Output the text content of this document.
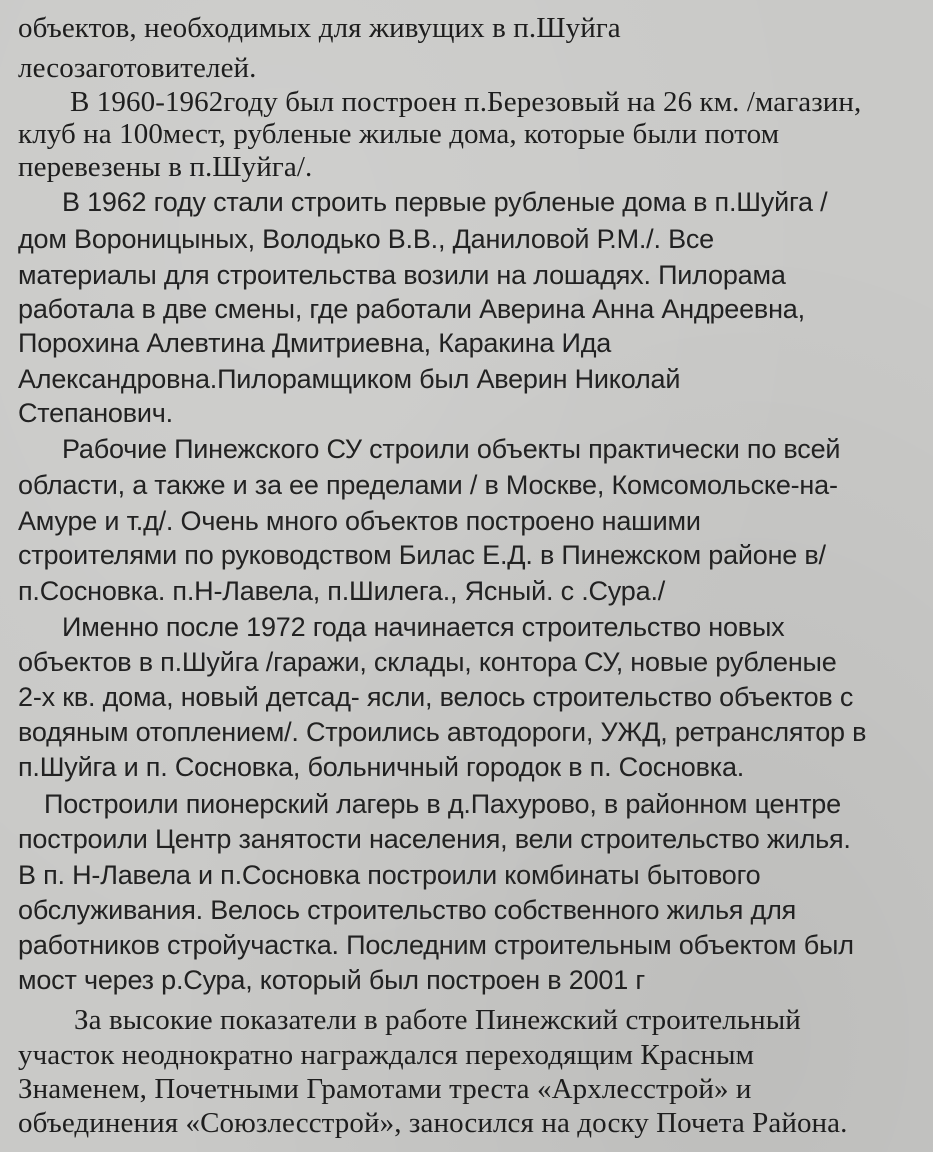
объектов, необходимых для живущих в п.Шуйга
лесозаготовителей.
В 1960-1962году был построен п.Березовый на 26 км. /магазин,
клуб на 100мест, рубленые жилые дома, которые были потом
перевезены в п.Шуйга/.
В 1962 году стали строить первые рубленые дома в п.Шуйга /
дом Вороницыных, Володько В.В., Даниловой Р.М./. Все
материалы для строительства возили на лошадях. Пилорама
работала в две смены, где работали Аверина Анна Андреевна,
Порохина Алевтина Дмитриевна, Каракина Ида
Александровна.Пилорамщиком был Аверин Николай
Степанович.
Рабочие Пинежского СУ строили объекты практически по всей
области, а также и за ее пределами / в Москве, Комсомольске-на-
Амуре и т.д/. Очень много объектов построено нашими
строителями по руководством Билас Е.Д. в Пинежском районе в/
п.Сосновка. п.Н-Лавела, п.Шилега., Ясный. с .Сура./
Именно после 1972 года начинается строительство новых
объектов в п.Шуйга /гаражи, склады, контора СУ, новые рубленые
2-х кв. дома, новый детсад- ясли, велось строительство объектов с
водяным отоплением/. Строились автодороги, УЖД, ретранслятор в
п.Шуйга и п. Сосновка, больничный городок в п. Сосновка.
Построили пионерский лагерь в д.Пахурово, в районном центре
построили Центр занятости населения, вели строительство жилья.
В п. Н-Лавела и п.Сосновка построили комбинаты бытового
обслуживания. Велось строительство собственного жилья для
работников стройучастка. Последним строительным объектом был
мост через р.Сура, который был построен в 2001 г
За высокие показатели в работе Пинежский строительный
участок неоднократно награждался переходящим Красным
Знаменем, Почетными Грамотами треста «Архлесстрой» и
объединения «Союзлесстрой», заносился на доску Почета Района.
